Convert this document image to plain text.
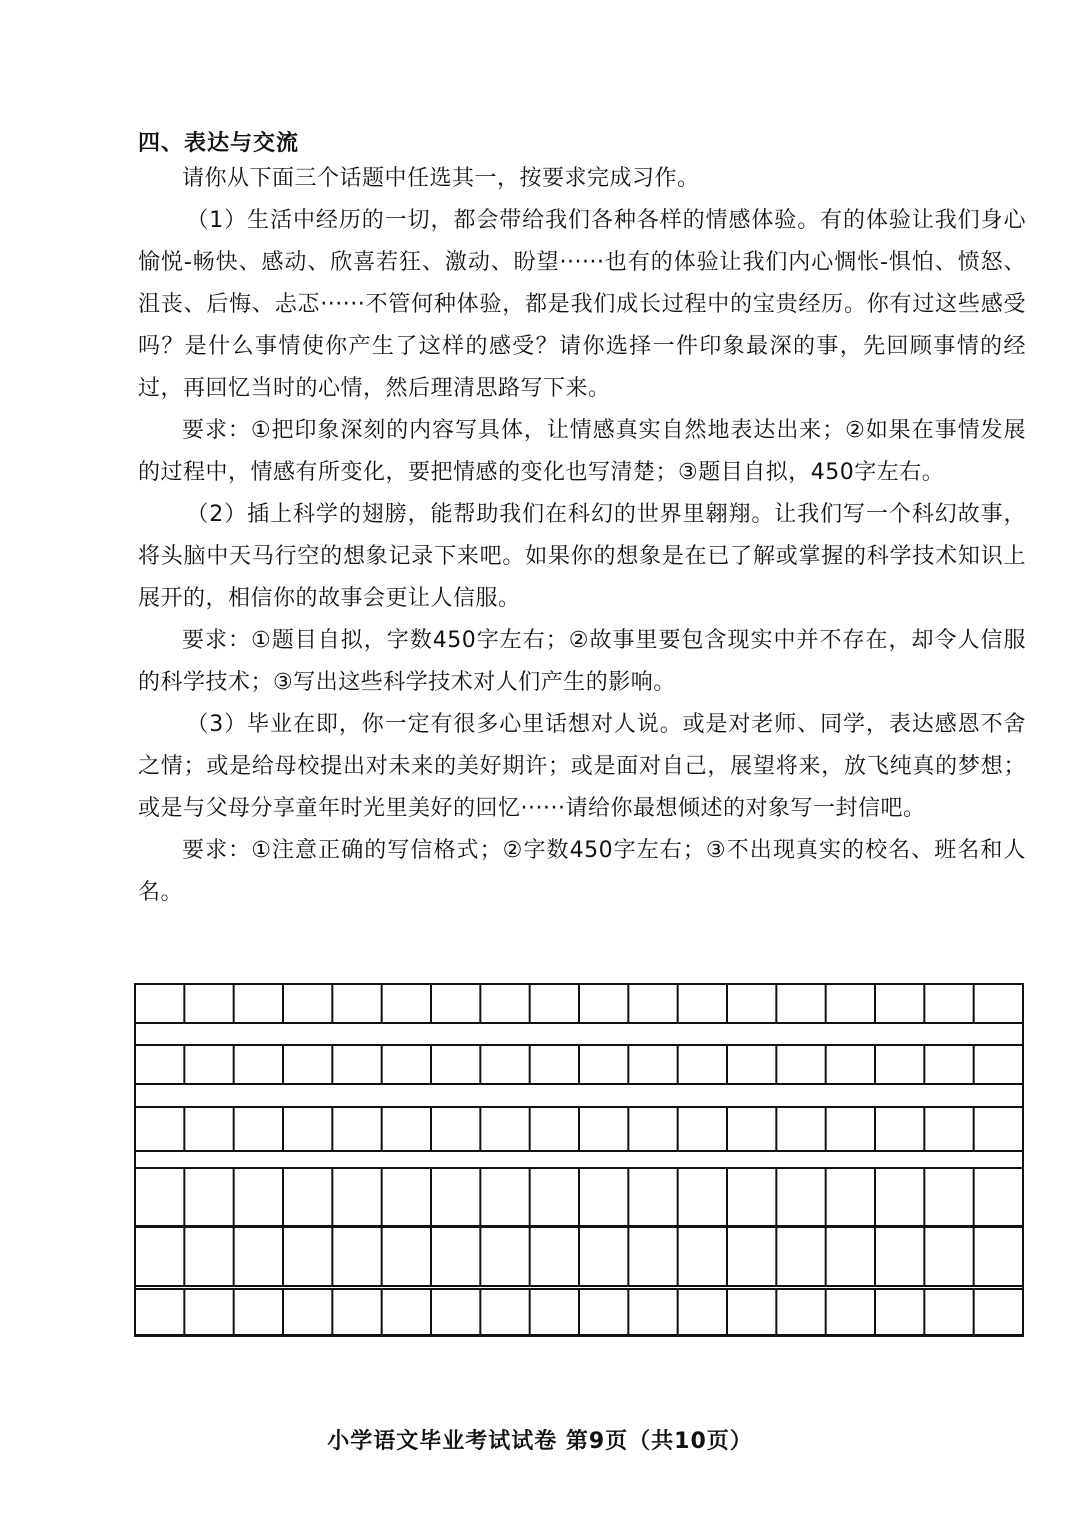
四、表达与交流

请你从下面三个话题中任选其一，按要求完成习作。

（1）生活中经历的一切，都会带给我们各种各样的情感体验。有的体验让我们身心愉悦-畅快、感动、欣喜若狂、激动、盼望······也有的体验让我们内心惆怅-惧怕、愤怒、沮丧、后悔、忐忑······不管何种体验，都是我们成长过程中的宝贵经历。你有过这些感受吗？是什么事情使你产生了这样的感受？请你选择一件印象最深的事，先回顾事情的经过，再回忆当时的心情，然后理清思路写下来。

要求：①把印象深刻的内容写具体，让情感真实自然地表达出来；②如果在事情发展的过程中，情感有所变化，要把情感的变化也写清楚；③题目自拟，450字左右。

（2）插上科学的翅膀，能帮助我们在科幻的世界里翱翔。让我们写一个科幻故事，将头脑中天马行空的想象记录下来吧。如果你的想象是在已了解或掌握的科学技术知识上展开的，相信你的故事会更让人信服。

要求：①题目自拟，字数450字左右；②故事里要包含现实中并不存在，却令人信服的科学技术；③写出这些科学技术对人们产生的影响。

（3）毕业在即，你一定有很多心里话想对人说。或是对老师、同学，表达感恩不舍之情；或是给母校提出对未来的美好期许；或是面对自己，展望将来，放飞纯真的梦想；或是与父母分享童年时光里美好的回忆······请给你最想倾述的对象写一封信吧。

要求：①注意正确的写信格式；②字数450字左右；③不出现真实的校名、班名和人名。

小学语文毕业考试试卷 第9页（共10页）
